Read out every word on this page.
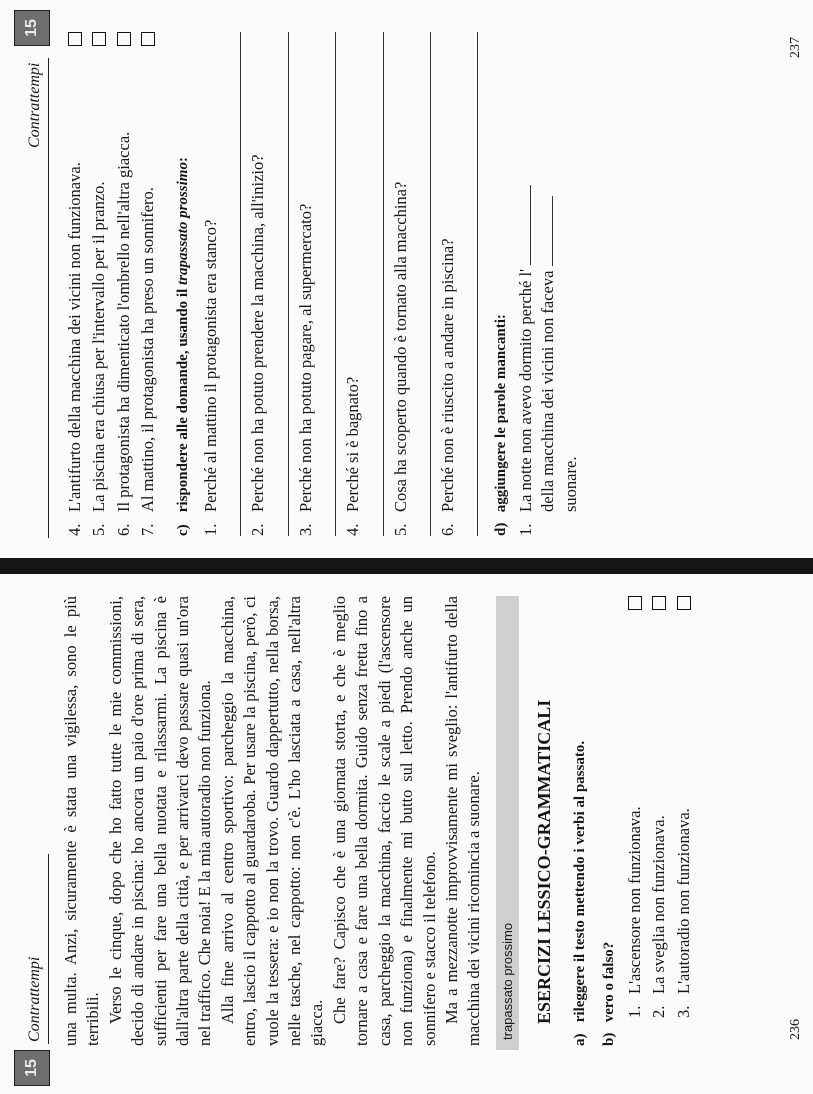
15
Contrattempi una multa. Anzi, sicuramente è stata una vigilessa, sono le più terribili. Verso le cinque, dopo che ho fatto tutte le mie commissioni, decido di andare in piscina: ho ancora un paio d'ore prima di sera, sufficienti per fare una bella nuotata e rilassarmi. La piscina è dall'altra parte della città, e per arrivarci devo passare quasi un'ora nel traffico. Che noia! E la mia autoradio non funziona. Alla fine arrivo al centro sportivo: parcheggio la macchina, entro, lascio il cappotto al guardaroba. Per usare la piscina, però, ci vuole la tessera: e io non la trovo. Guardo dappertutto, nella borsa, nelle tasche, nel cappotto: non c'è. L'ho lasciata a casa, nell'altra giacca. Che fare? Capisco che è una giornata storta, e che è meglio tornare a casa e fare una bella dormita. Guido senza fretta fino a casa, parcheggio la macchina, faccio le scale a piedi (l'ascensore non funziona) e finalmente mi butto sul letto. Prendo anche un sonnifero e stacco il telefono. Ma a mezzanotte improvvisamente mi sveglio: l'antifurto della macchina dei vicini ricomincia a suonare.	trapassato prossimo ESERCIZI LESSICO-GRAMMATICALI
a) rileggere il testo mettendo i verbi al passato.
b) vero o falso? 1.
L'ascensore non funzionava.
2.
La sveglia non funzionava.
3.
L'autoradio non funzionava.
236
Contrattempi
15
4.
L'antifurto della macchina dei vicini non funzionava.
5.
La piscina era chiusa per l'intervallo per il pranzo.
6.
Il protagonista ha dimenticato l'ombrello nell'altra giacca.
7.
Al mattino, il protagonista ha preso un sonnifero.
c) rispondere alle domande, usando il trapassato prossimo:
1.
Perché al mattino il protagonista era stanco?
2.
Perché non ha potuto prendere la macchina, all'inizio?
3.
Perché non ha potuto pagare, al supermercato?
4.
Perché si è bagnato?
5.
Cosa ha scoperto quando è tornato alla macchina?
6.
Perché non è riuscito a andare in piscina?
d) aggiungere le parole mancanti:
1.
La notte non avevo dormito perché l' della macchina dei vicini non faceva suonare.
237
